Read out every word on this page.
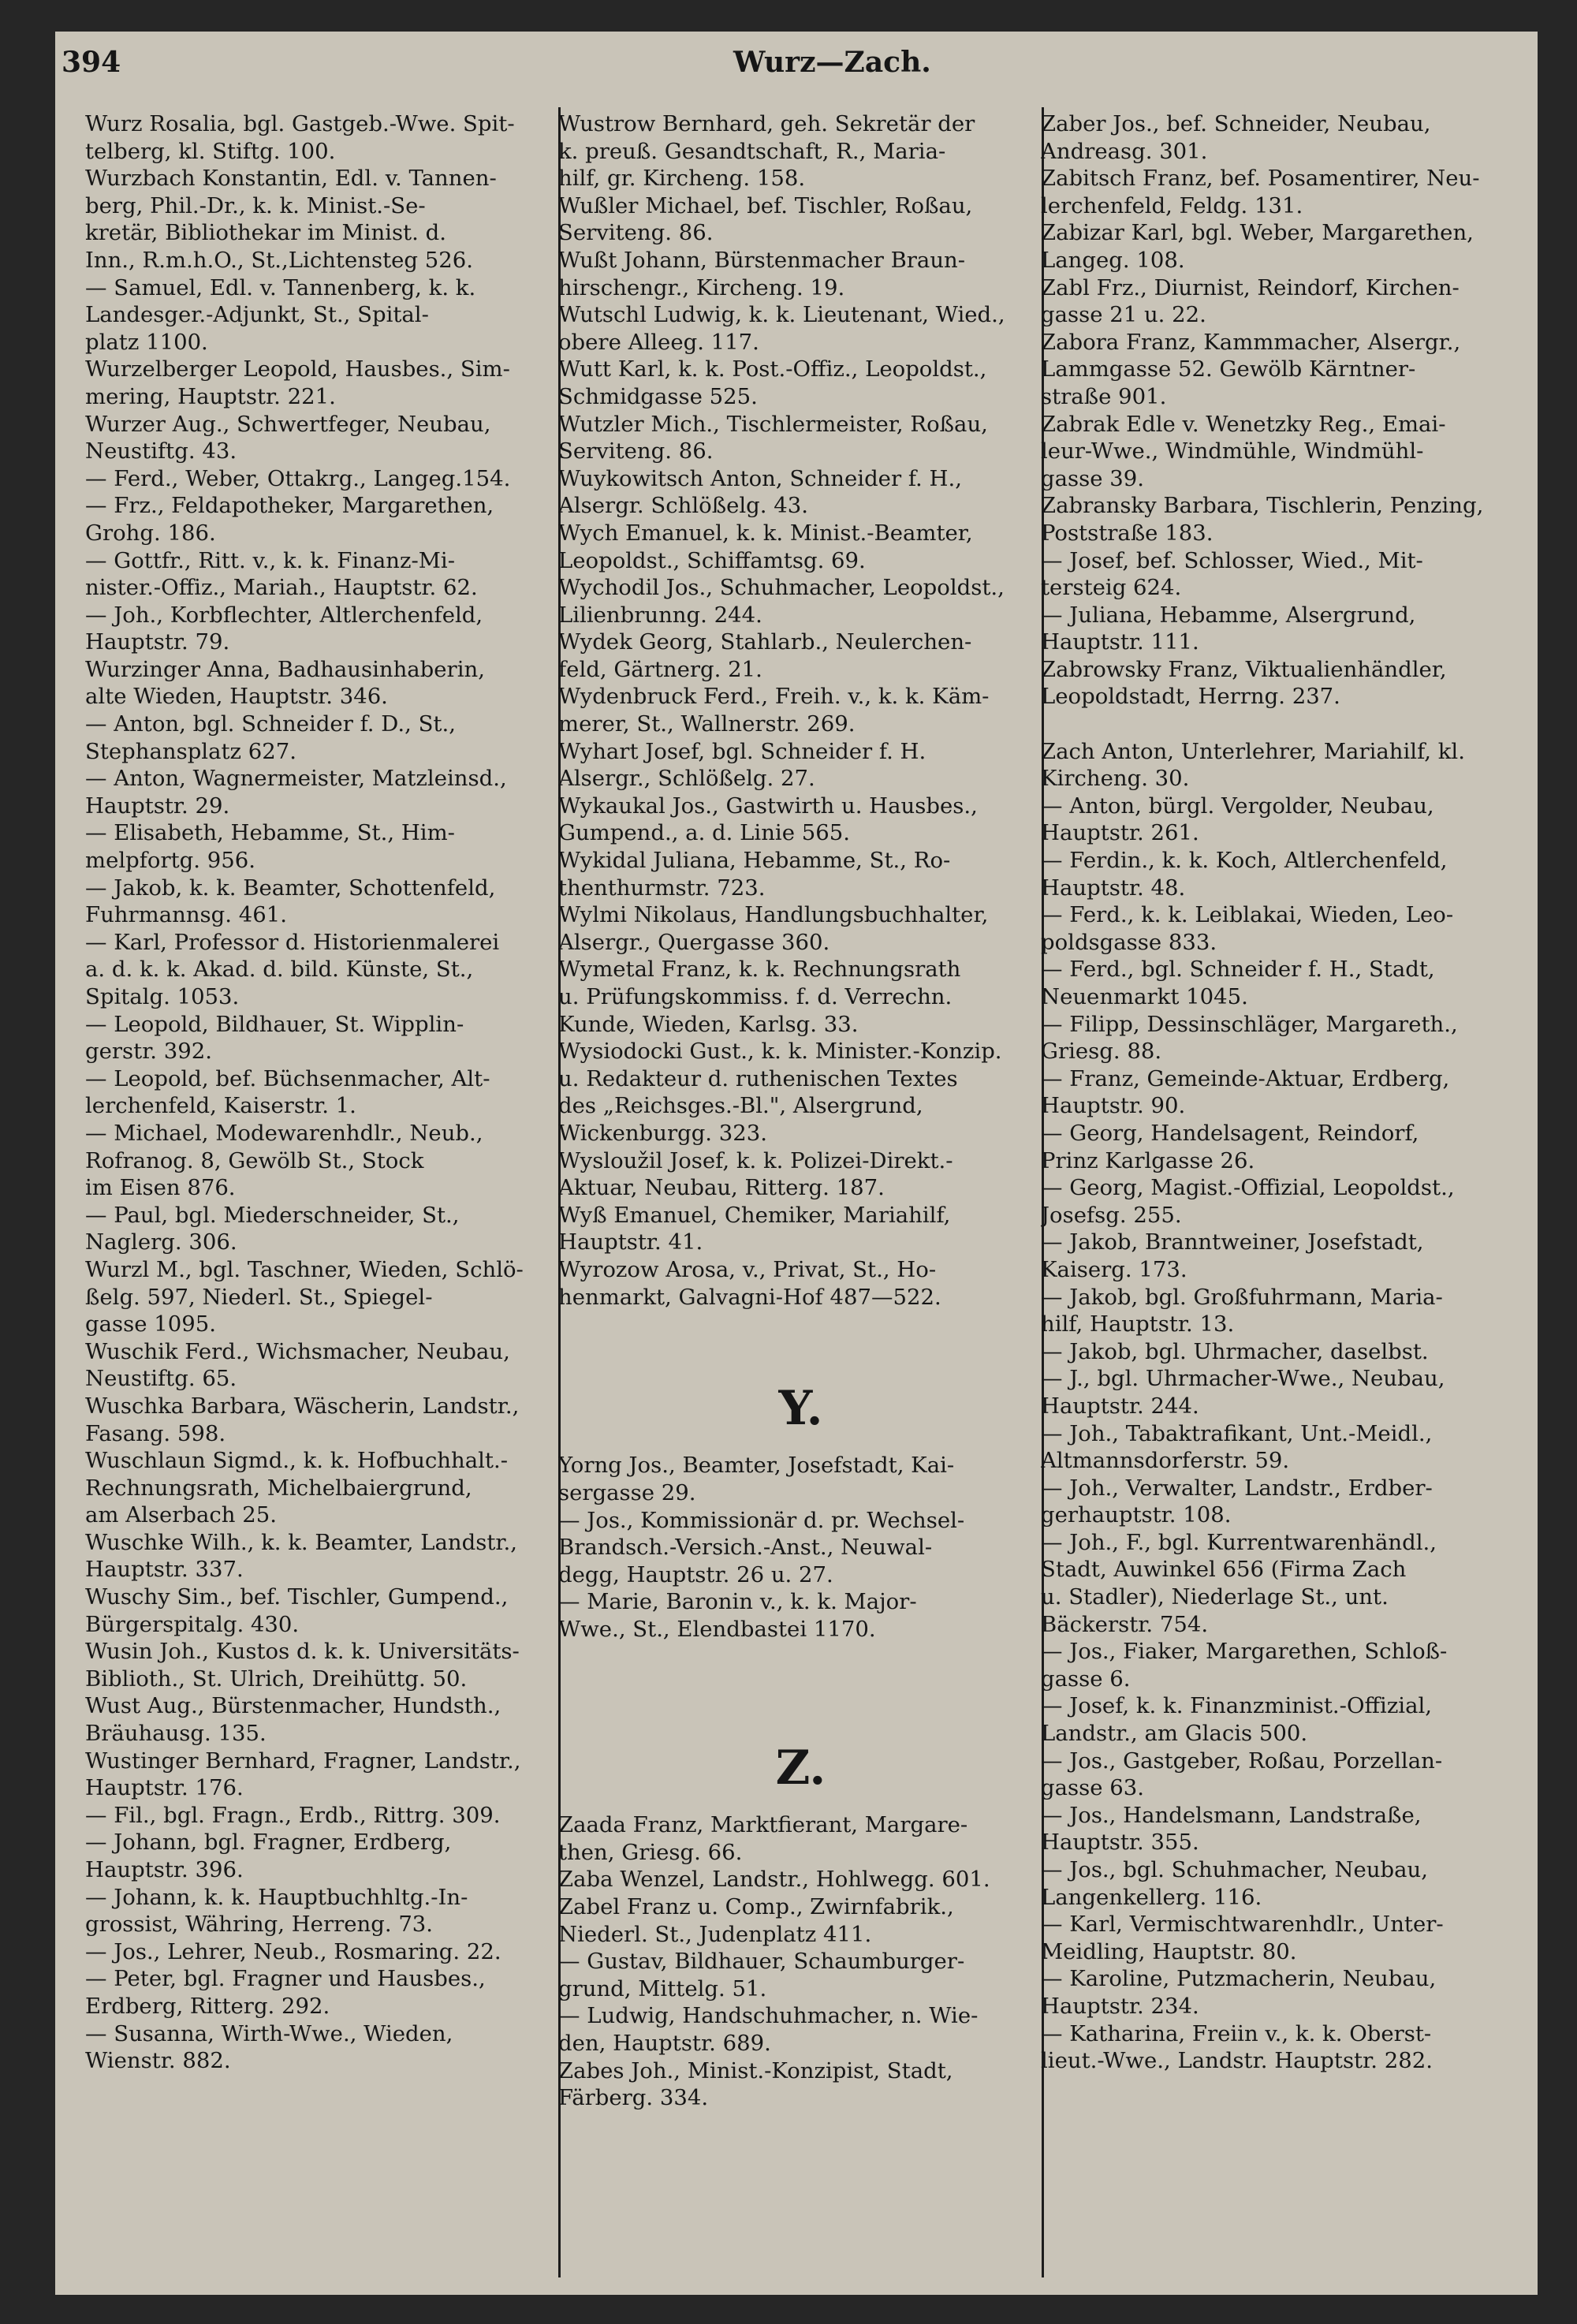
394	Wurz—Zach.
Wurz Rosalia, bgl. Gastgeb.-Wwe. Spit-
telberg, kl. Stiftg. 100.
Wurzbach Konstantin, Edl. v. Tannen-
berg, Phil.-Dr., k. k. Minist.-Se-
kretär, Bibliothekar im Minist. d.
Inn., R.m.h.O., St.,Lichtensteg 526.
— Samuel, Edl. v. Tannenberg, k. k.
Landesger.-Adjunkt, St., Spital-
platz 1100.
Wurzelberger Leopold, Hausbes., Sim-
mering, Hauptstr. 221.
Wurzer Aug., Schwertfeger, Neubau,
Neustiftg. 43.
— Ferd., Weber, Ottakrg., Langeg.154.
— Frz., Feldapotheker, Margarethen,
Grohg. 186.
— Gottfr., Ritt. v., k. k. Finanz-Mi-
nister.-Offiz., Mariah., Hauptstr. 62.
— Joh., Korbflechter, Altlerchenfeld,
Hauptstr. 79.
Wurzinger Anna, Badhausinhaberin,
alte Wieden, Hauptstr. 346.
— Anton, bgl. Schneider f. D., St.,
Stephansplatz 627.
— Anton, Wagnermeister, Matzleinsd.,
Hauptstr. 29.
— Elisabeth, Hebamme, St., Him-
melpfortg. 956.
— Jakob, k. k. Beamter, Schottenfeld,
Fuhrmannsg. 461.
— Karl, Professor d. Historienmalerei
a. d. k. k. Akad. d. bild. Künste, St.,
Spitalg. 1053.
— Leopold, Bildhauer, St. Wipplin-
gerstr. 392.
— Leopold, bef. Büchsenmacher, Alt-
lerchenfeld, Kaiserstr. 1.
— Michael, Modewarenhdlr., Neub.,
Rofranog. 8, Gewölb St., Stock
im Eisen 876.
— Paul, bgl. Miederschneider, St.,
Naglerg. 306.
Wurzl M., bgl. Taschner, Wieden, Schlö-
ßelg. 597, Niederl. St., Spiegel-
gasse 1095.
Wuschik Ferd., Wichsmacher, Neubau,
Neustiftg. 65.
Wuschka Barbara, Wäscherin, Landstr.,
Fasang. 598.
Wuschlaun Sigmd., k. k. Hofbuchhalt.-
Rechnungsrath, Michelbaiergrund,
am Alserbach 25.
Wuschke Wilh., k. k. Beamter, Landstr.,
Hauptstr. 337.
Wuschy Sim., bef. Tischler, Gumpend.,
Bürgerspitalg. 430.
Wusin Joh., Kustos d. k. k. Universitäts-
Biblioth., St. Ulrich, Dreihüttg. 50.
Wust Aug., Bürstenmacher, Hundsth.,
Bräuhausg. 135.
Wustinger Bernhard, Fragner, Landstr.,
Hauptstr. 176.
— Fil., bgl. Fragn., Erdb., Rittrg. 309.
— Johann, bgl. Fragner, Erdberg,
Hauptstr. 396.
— Johann, k. k. Hauptbuchhltg.-In-
grossist, Währing, Herreng. 73.
— Jos., Lehrer, Neub., Rosmaring. 22.
— Peter, bgl. Fragner und Hausbes.,
Erdberg, Ritterg. 292.
— Susanna, Wirth-Wwe., Wieden,
Wienstr. 882.
Wustrow Bernhard, geh. Sekretär der
k. preuß. Gesandtschaft, R., Maria-
hilf, gr. Kircheng. 158.
Wußler Michael, bef. Tischler, Roßau,
Serviteng. 86.
Wußt Johann, Bürstenmacher Braun-
hirschengr., Kircheng. 19.
Wutschl Ludwig, k. k. Lieutenant, Wied.,
obere Alleeg. 117.
Wutt Karl, k. k. Post.-Offiz., Leopoldst.,
Schmidgasse 525.
Wutzler Mich., Tischlermeister, Roßau,
Serviteng. 86.
Wuykowitsch Anton, Schneider f. H.,
Alsergr. Schlößelg. 43.
Wych Emanuel, k. k. Minist.-Beamter,
Leopoldst., Schiffamtsg. 69.
Wychodil Jos., Schuhmacher, Leopoldst.,
Lilienbrunng. 244.
Wydek Georg, Stahlarb., Neulerchen-
feld, Gärtnerg. 21.
Wydenbruck Ferd., Freih. v., k. k. Käm-
merer, St., Wallnerstr. 269.
Wyhart Josef, bgl. Schneider f. H.
Alsergr., Schlößelg. 27.
Wykaukal Jos., Gastwirth u. Hausbes.,
Gumpend., a. d. Linie 565.
Wykidal Juliana, Hebamme, St., Ro-
thenthurmstr. 723.
Wylmi Nikolaus, Handlungsbuchhalter,
Alsergr., Quergasse 360.
Wymetal Franz, k. k. Rechnungsrath
u. Prüfungskommiss. f. d. Verrechn.
Kunde, Wieden, Karlsg. 33.
Wysiodocki Gust., k. k. Minister.-Konzip.
u. Redakteur d. ruthenischen Textes
des „Reichsges.-Bl.", Alsergrund,
Wickenburgg. 323.
Wysloužil Josef, k. k. Polizei-Direkt.-
Aktuar, Neubau, Ritterg. 187.
Wyß Emanuel, Chemiker, Mariahilf,
Hauptstr. 41.
Wyrozow Arosa, v., Privat, St., Ho-
henmarkt, Galvagni-Hof 487—522.
Y.
Yorng Jos., Beamter, Josefstadt, Kai-
sergasse 29.
— Jos., Kommissionär d. pr. Wechsel-
Brandsch.-Versich.-Anst., Neuwal-
degg, Hauptstr. 26 u. 27.
— Marie, Baronin v., k. k. Major-
Wwe., St., Elendbastei 1170.
Z.
Zaada Franz, Marktfierant, Margare-
then, Griesg. 66.
Zaba Wenzel, Landstr., Hohlwegg. 601.
Zabel Franz u. Comp., Zwirnfabrik.,
Niederl. St., Judenplatz 411.
— Gustav, Bildhauer, Schaumburger-
grund, Mittelg. 51.
— Ludwig, Handschuhmacher, n. Wie-
den, Hauptstr. 689.
Zabes Joh., Minist.-Konzipist, Stadt,
Färberg. 334.
Zaber Jos., bef. Schneider, Neubau,
Andreasg. 301.
Zabitsch Franz, bef. Posamentirer, Neu-
lerchenfeld, Feldg. 131.
Zabizar Karl, bgl. Weber, Margarethen,
Langeg. 108.
Zabl Frz., Diurnist, Reindorf, Kirchen-
gasse 21 u. 22.
Zabora Franz, Kammmacher, Alsergr.,
Lammgasse 52. Gewölb Kärntner-
straße 901.
Zabrak Edle v. Wenetzky Reg., Emai-
leur-Wwe., Windmühle, Windmühl-
gasse 39.
Zabransky Barbara, Tischlerin, Penzing,
Poststraße 183.
— Josef, bef. Schlosser, Wied., Mit-
tersteig 624.
— Juliana, Hebamme, Alsergrund,
Hauptstr. 111.
Zabrowsky Franz, Viktualienhändler,
Leopoldstadt, Herrng. 237.
Zach Anton, Unterlehrer, Mariahilf, kl.
Kircheng. 30.
— Anton, bürgl. Vergolder, Neubau,
Hauptstr. 261.
— Ferdin., k. k. Koch, Altlerchenfeld,
Hauptstr. 48.
— Ferd., k. k. Leiblakai, Wieden, Leo-
poldsgasse 833.
— Ferd., bgl. Schneider f. H., Stadt,
Neuenmarkt 1045.
— Filipp, Dessinschläger, Margareth.,
Griesg. 88.
— Franz, Gemeinde-Aktuar, Erdberg,
Hauptstr. 90.
— Georg, Handelsagent, Reindorf,
Prinz Karlgasse 26.
— Georg, Magist.-Offizial, Leopoldst.,
Josefsg. 255.
— Jakob, Branntweiner, Josefstadt,
Kaiserg. 173.
— Jakob, bgl. Großfuhrmann, Maria-
hilf, Hauptstr. 13.
— Jakob, bgl. Uhrmacher, daselbst.
— J., bgl. Uhrmacher-Wwe., Neubau,
Hauptstr. 244.
— Joh., Tabaktrafikant, Unt.-Meidl.,
Altmannsdorferstr. 59.
— Joh., Verwalter, Landstr., Erdber-
gerhauptstr. 108.
— Joh., F., bgl. Kurrentwarenhändl.,
Stadt, Auwinkel 656 (Firma Zach
u. Stadler), Niederlage St., unt.
Bäckerstr. 754.
— Jos., Fiaker, Margarethen, Schloß-
gasse 6.
— Josef, k. k. Finanzminist.-Offizial,
Landstr., am Glacis 500.
— Jos., Gastgeber, Roßau, Porzellan-
gasse 63.
— Jos., Handelsmann, Landstraße,
Hauptstr. 355.
— Jos., bgl. Schuhmacher, Neubau,
Langenkellerg. 116.
— Karl, Vermischtwarenhdlr., Unter-
Meidling, Hauptstr. 80.
— Karoline, Putzmacherin, Neubau,
Hauptstr. 234.
— Katharina, Freiin v., k. k. Oberst-
lieut.-Wwe., Landstr. Hauptstr. 282.
